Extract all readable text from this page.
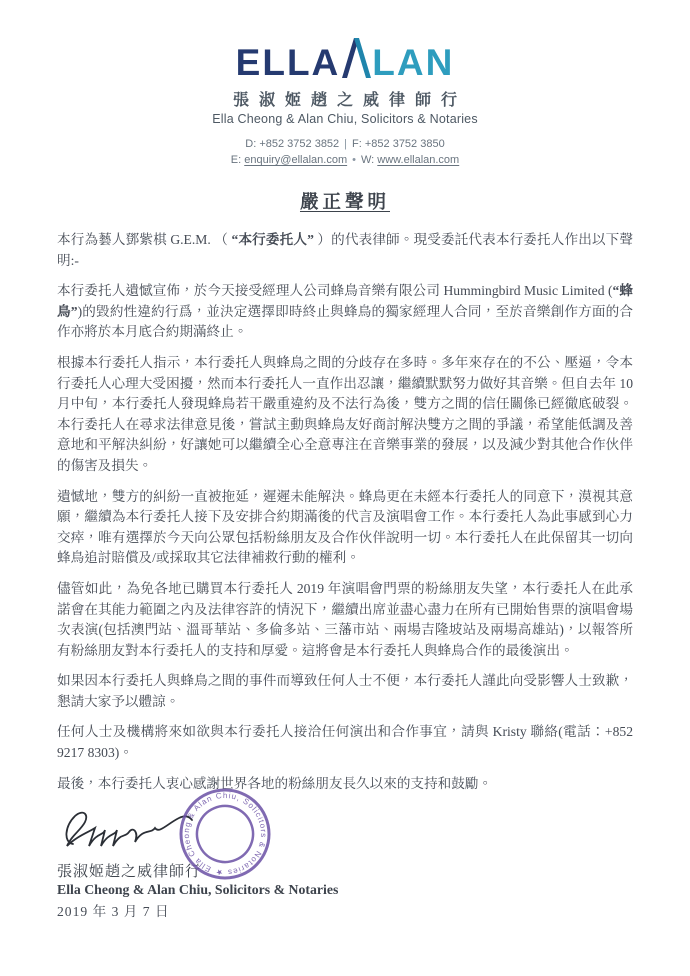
ELLA LAN
張淑姬趙之威律師行
Ella Cheong & Alan Chiu, Solicitors & Notaries
D: +852 3752 3852 | F: +852 3752 3850
E: enquiry@ellalan.com • W: www.ellalan.com
嚴正聲明

本行為藝人鄧紫棋 G.E.M. （ “本行委托人” ）的代表律師。現受委託代表本行委托人作出以下聲明:-

本行委托人遺憾宣佈，於今天接受經理人公司蜂鳥音樂有限公司 Hummingbird Music Limited (“蜂鳥”)的毀約性違約行爲，並決定選擇即時終止與蜂鳥的獨家經理人合同，至於音樂創作方面的合作亦將於本月底合約期滿終止。

根據本行委托人指示，本行委托人與蜂鳥之間的分歧存在多時。多年來存在的不公、壓逼，令本行委托人心理大受困擾，然而本行委托人一直作出忍讓，繼續默默努力做好其音樂。但自去年 10 月中旬，本行委托人發現蜂鳥若干嚴重違約及不法行為後，雙方之間的信任關係已經徹底破裂。本行委托人在尋求法律意見後，嘗試主動與蜂鳥友好商討解決雙方之間的爭議，希望能低調及善意地和平解決糾紛，好讓她可以繼續全心全意專注在音樂事業的發展，以及減少對其他合作伙伴的傷害及損失。

遺憾地，雙方的糾紛一直被拖延，遲遲未能解決。蜂鳥更在未經本行委托人的同意下，漠視其意願，繼續為本行委托人接下及安排合約期滿後的代言及演唱會工作。本行委托人為此事感到心力交瘁，唯有選擇於今天向公眾包括粉絲朋友及合作伙伴說明一切。本行委托人在此保留其一切向蜂鳥追討賠償及/或採取其它法律補救行動的權利。

儘管如此，為免各地已購買本行委托人 2019 年演唱會門票的粉絲朋友失望，本行委托人在此承諾會在其能力範圍之內及法律容許的情況下，繼續出席並盡心盡力在所有已開始售票的演唱會場次表演(包括澳門站、溫哥華站、多倫多站、三藩市站、兩場吉隆坡站及兩場高雄站)，以報答所有粉絲朋友對本行委托人的支持和厚愛。這將會是本行委托人與蜂鳥合作的最後演出。

如果因本行委托人與蜂鳥之間的事件而導致任何人士不便，本行委托人謹此向受影響人士致歉，懇請大家予以體諒。

任何人士及機構將來如欲與本行委托人接洽任何演出和合作事宜，請與 Kristy 聯絡(電話：+852 9217 8303)。

最後，本行委托人衷心感謝世界各地的粉絲朋友長久以來的支持和鼓勵。

Ella Cheong & Alan Chiu, Solicitors & Notaries ★
張淑姬趙之威律師行
Ella Cheong & Alan Chiu, Solicitors & Notaries
2019 年 3 月 7 日
